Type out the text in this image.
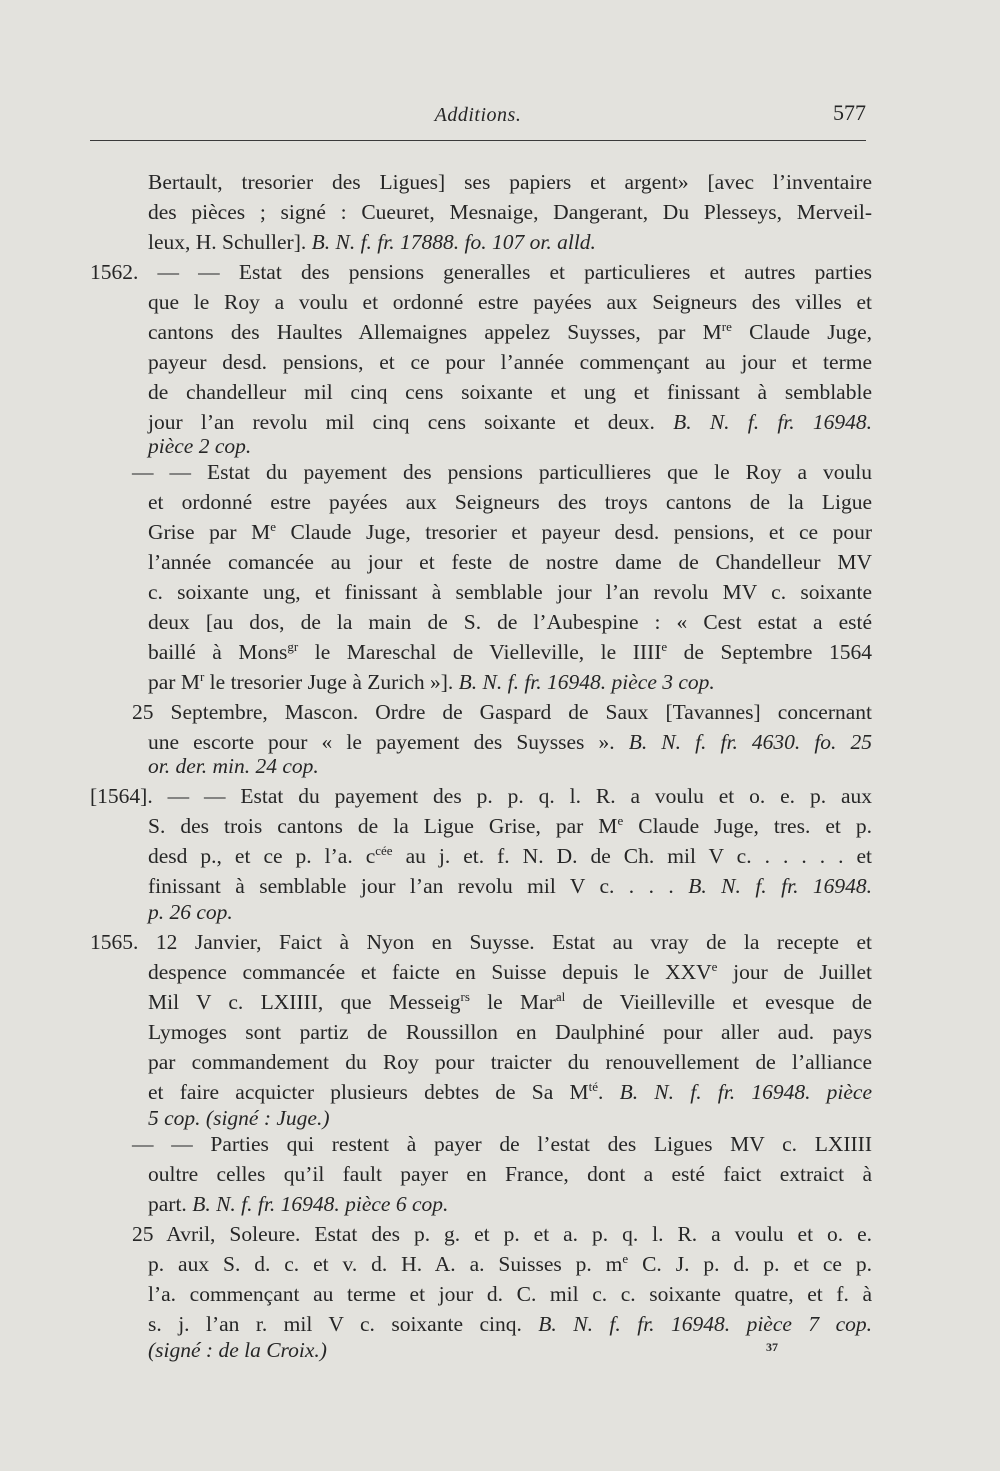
Additions.	577
Bertault, tresorier des Ligues] ses papiers et argent» [avec l’inventaire
des pièces ; signé : Cueuret, Mesnaige, Dangerant, Du Plesseys, Merveil-
leux, H. Schuller]. B. N. f. fr. 17888. fo. 107 or. alld.
1562. — — Estat des pensions generalles et particulieres et autres parties
que le Roy a voulu et ordonné estre payées aux Seigneurs des villes et
cantons des Haultes Allemaignes appelez Suysses, par Mre Claude Juge,
payeur desd. pensions, et ce pour l’année commençant au jour et terme
de chandelleur mil cinq cens soixante et ung et finissant à semblable
jour l’an revolu mil cinq cens soixante et deux. B. N. f. fr. 16948.
pièce 2 cop.
— — Estat du payement des pensions particullieres que le Roy a voulu
et ordonné estre payées aux Seigneurs des troys cantons de la Ligue
Grise par Me Claude Juge, tresorier et payeur desd. pensions, et ce pour
l’année comancée au jour et feste de nostre dame de Chandelleur MV
c. soixante ung, et finissant à semblable jour l’an revolu MV c. soixante
deux [au dos, de la main de S. de l’Aubespine : « Cest estat a esté
baillé à Mons$^{gr}$ le Mareschal de Vielleville, le IIIIe de Septembre 1564
par $M^r$ le tresorier Juge à Zurich »]. B. N. f. fr. 16948. pièce 3 cop.
25 Septembre, Mascon. Ordre de Gaspard de Saux [Tavannes] concernant
une escorte pour « le payement des Suysses ». B. N. f. fr. 4630. fo. 25
or. der. min. 24 cop.
[1564]. — — Estat du payement des p. p. q. l. R. a voulu et o. e. p. aux
S. des trois cantons de la Ligue Grise, par Me Claude Juge, tres. et p.
desd p., et ce p. l’a. $c^{cée}$ au j. et. f. N. D. de Ch. mil V c. . . . . . et
finissant à semblable jour l’an revolu mil V c. . . . B. N. f. fr. 16948.
p. 26 cop.
1565. 12 Janvier, Faict à Nyon en Suysse. Estat au vray de la recepte et
despence commancée et faicte en Suisse depuis le XXVe jour de Juillet
Mil V c. LXIIII, que Messeig$^{rs}$ le Mar$^{al}$ de Vieilleville et evesque de
Lymoges sont partiz de Roussillon en Daulphiné pour aller aud. pays
par commandement du Roy pour traicter du renouvellement de l’alliance
et faire acquicter plusieurs debtes de Sa $M^{té}$. B. N. f. fr. 16948. pièce
5 cop. (signé : Juge.)
— — Parties qui restent à payer de l’estat des Ligues MV c. LXIIII
oultre celles qu’il fault payer en France, dont a esté faict extraict à
part. B. N. f. fr. 16948. pièce 6 cop.
25 Avril, Soleure. Estat des p. g. et p. et a. p. q. l. R. a voulu et o. e.
p. aux S. d. c. et v. d. H. A. a. Suisses p. $m^e$ C. J. p. d. p. et ce p.
l’a. commençant au terme et jour d. C. mil c. c. soixante quatre, et f. à
s. j. l’an r. mil V c. soixante cinq. B. N. f. fr. 16948. pièce 7 cop.
(signé : de la Croix.)	37
